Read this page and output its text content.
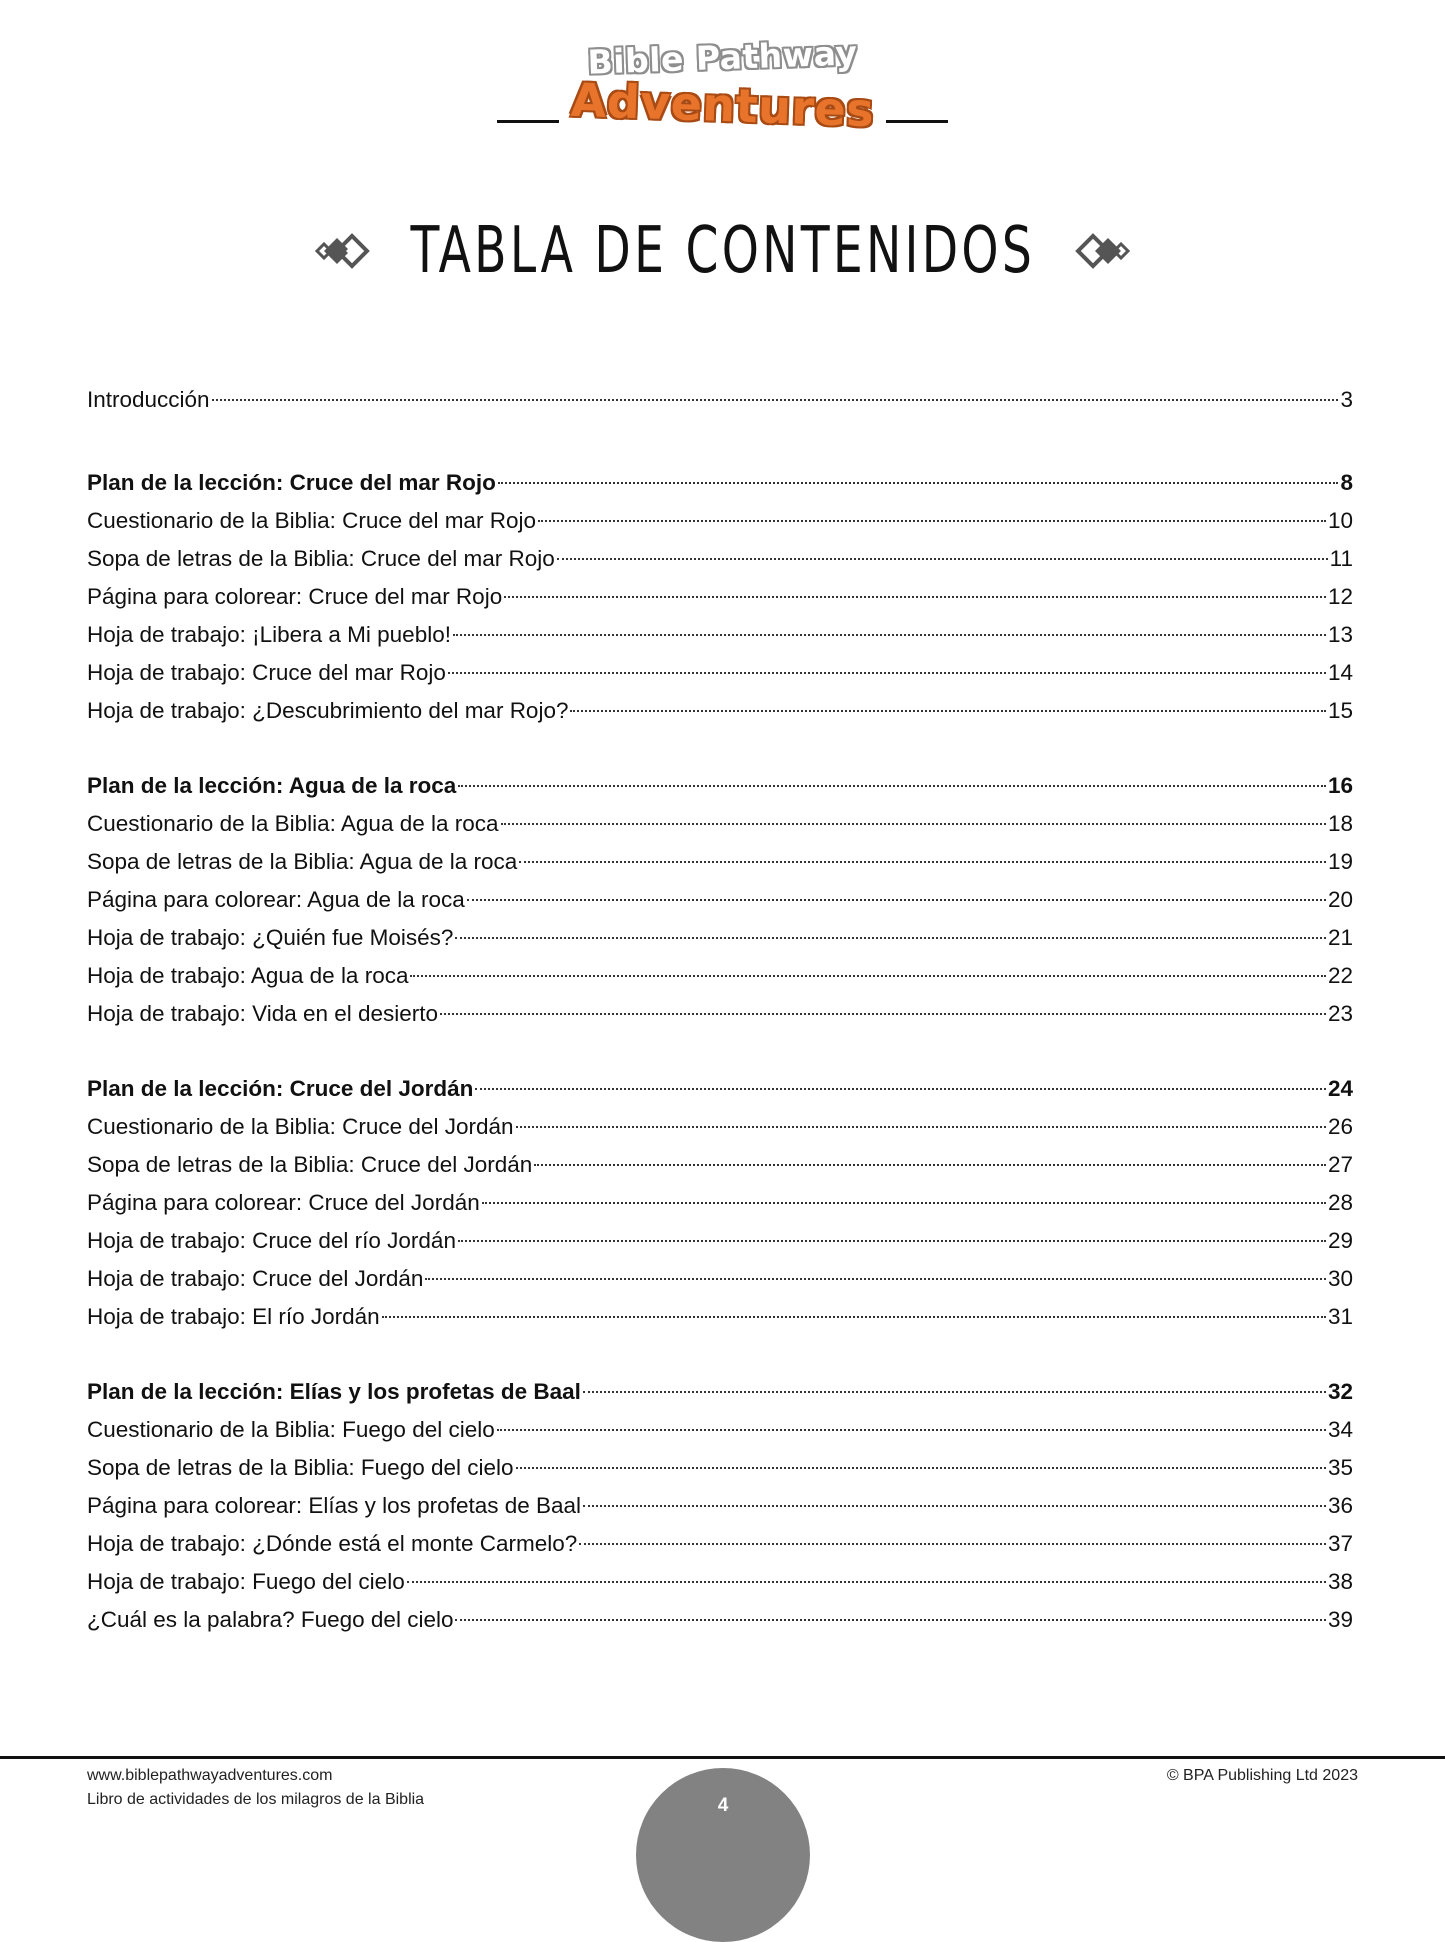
Bible Pathway
Adventures
TABLA DE CONTENIDOS
Introducción	3
Plan de la lección: Cruce del mar Rojo	8
Cuestionario de la Biblia: Cruce del mar Rojo	10
Sopa de letras de la Biblia: Cruce del mar Rojo	11
Página para colorear: Cruce del mar Rojo	12
Hoja de trabajo: ¡Libera a Mi pueblo!	13
Hoja de trabajo: Cruce del mar Rojo	14
Hoja de trabajo: ¿Descubrimiento del mar Rojo?	15
Plan de la lección: Agua de la roca	16
Cuestionario de la Biblia: Agua de la roca	18
Sopa de letras de la Biblia: Agua de la roca	19
Página para colorear: Agua de la roca	20
Hoja de trabajo: ¿Quién fue Moisés?	21
Hoja de trabajo: Agua de la roca	22
Hoja de trabajo: Vida en el desierto	23
Plan de la lección: Cruce del Jordán	24
Cuestionario de la Biblia: Cruce del Jordán	26
Sopa de letras de la Biblia: Cruce del Jordán	27
Página para colorear: Cruce del Jordán	28
Hoja de trabajo: Cruce del río Jordán	29
Hoja de trabajo: Cruce del Jordán	30
Hoja de trabajo: El río Jordán	31
Plan de la lección: Elías y los profetas de Baal	32
Cuestionario de la Biblia: Fuego del cielo	34
Sopa de letras de la Biblia: Fuego del cielo	35
Página para colorear: Elías y los profetas de Baal	36
Hoja de trabajo: ¿Dónde está el monte Carmelo?	37
Hoja de trabajo: Fuego del cielo	38
¿Cuál es la palabra? Fuego del cielo	39
www.biblepathwayadventures.com
Libro de actividades de los milagros de la Biblia
© BPA Publishing Ltd 2023
4
